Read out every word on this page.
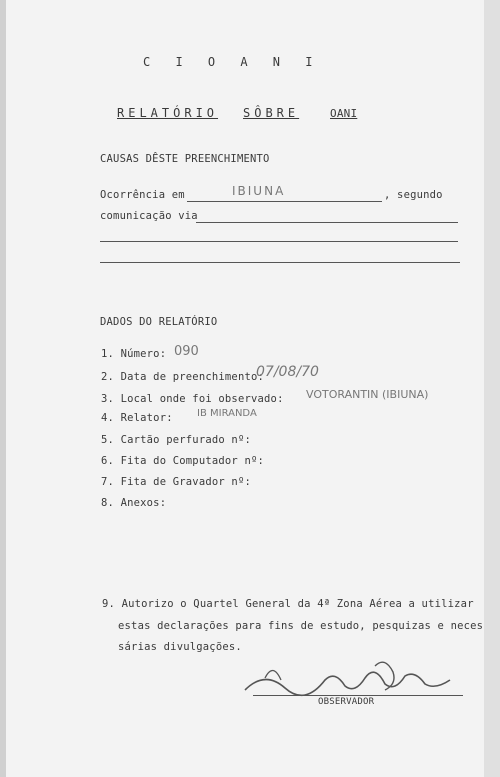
C I O A N I
RELATÓRIO SÔBRE	OANI
CAUSAS DÊSTE PREENCHIMENTO
Ocorrência em	IBIUNA	, segundo
comunicação via
DADOS DO RELATÓRIO
1. Número: 090
2. Data de preenchimento:
07/08/70
3. Local onde foi observado: VOTORANTIN (IBIUNA)
4. Relator: IB MIRANDA
5. Cartão perfurado nº:
6. Fita do Computador nº:
7. Fita de Gravador nº:
8. Anexos:
9. Autorizo o Quartel General da 4ª Zona Aérea a utilizar
estas declarações para fins de estudo, pesquizas e neces
sárias divulgações.
OBSERVADOR
